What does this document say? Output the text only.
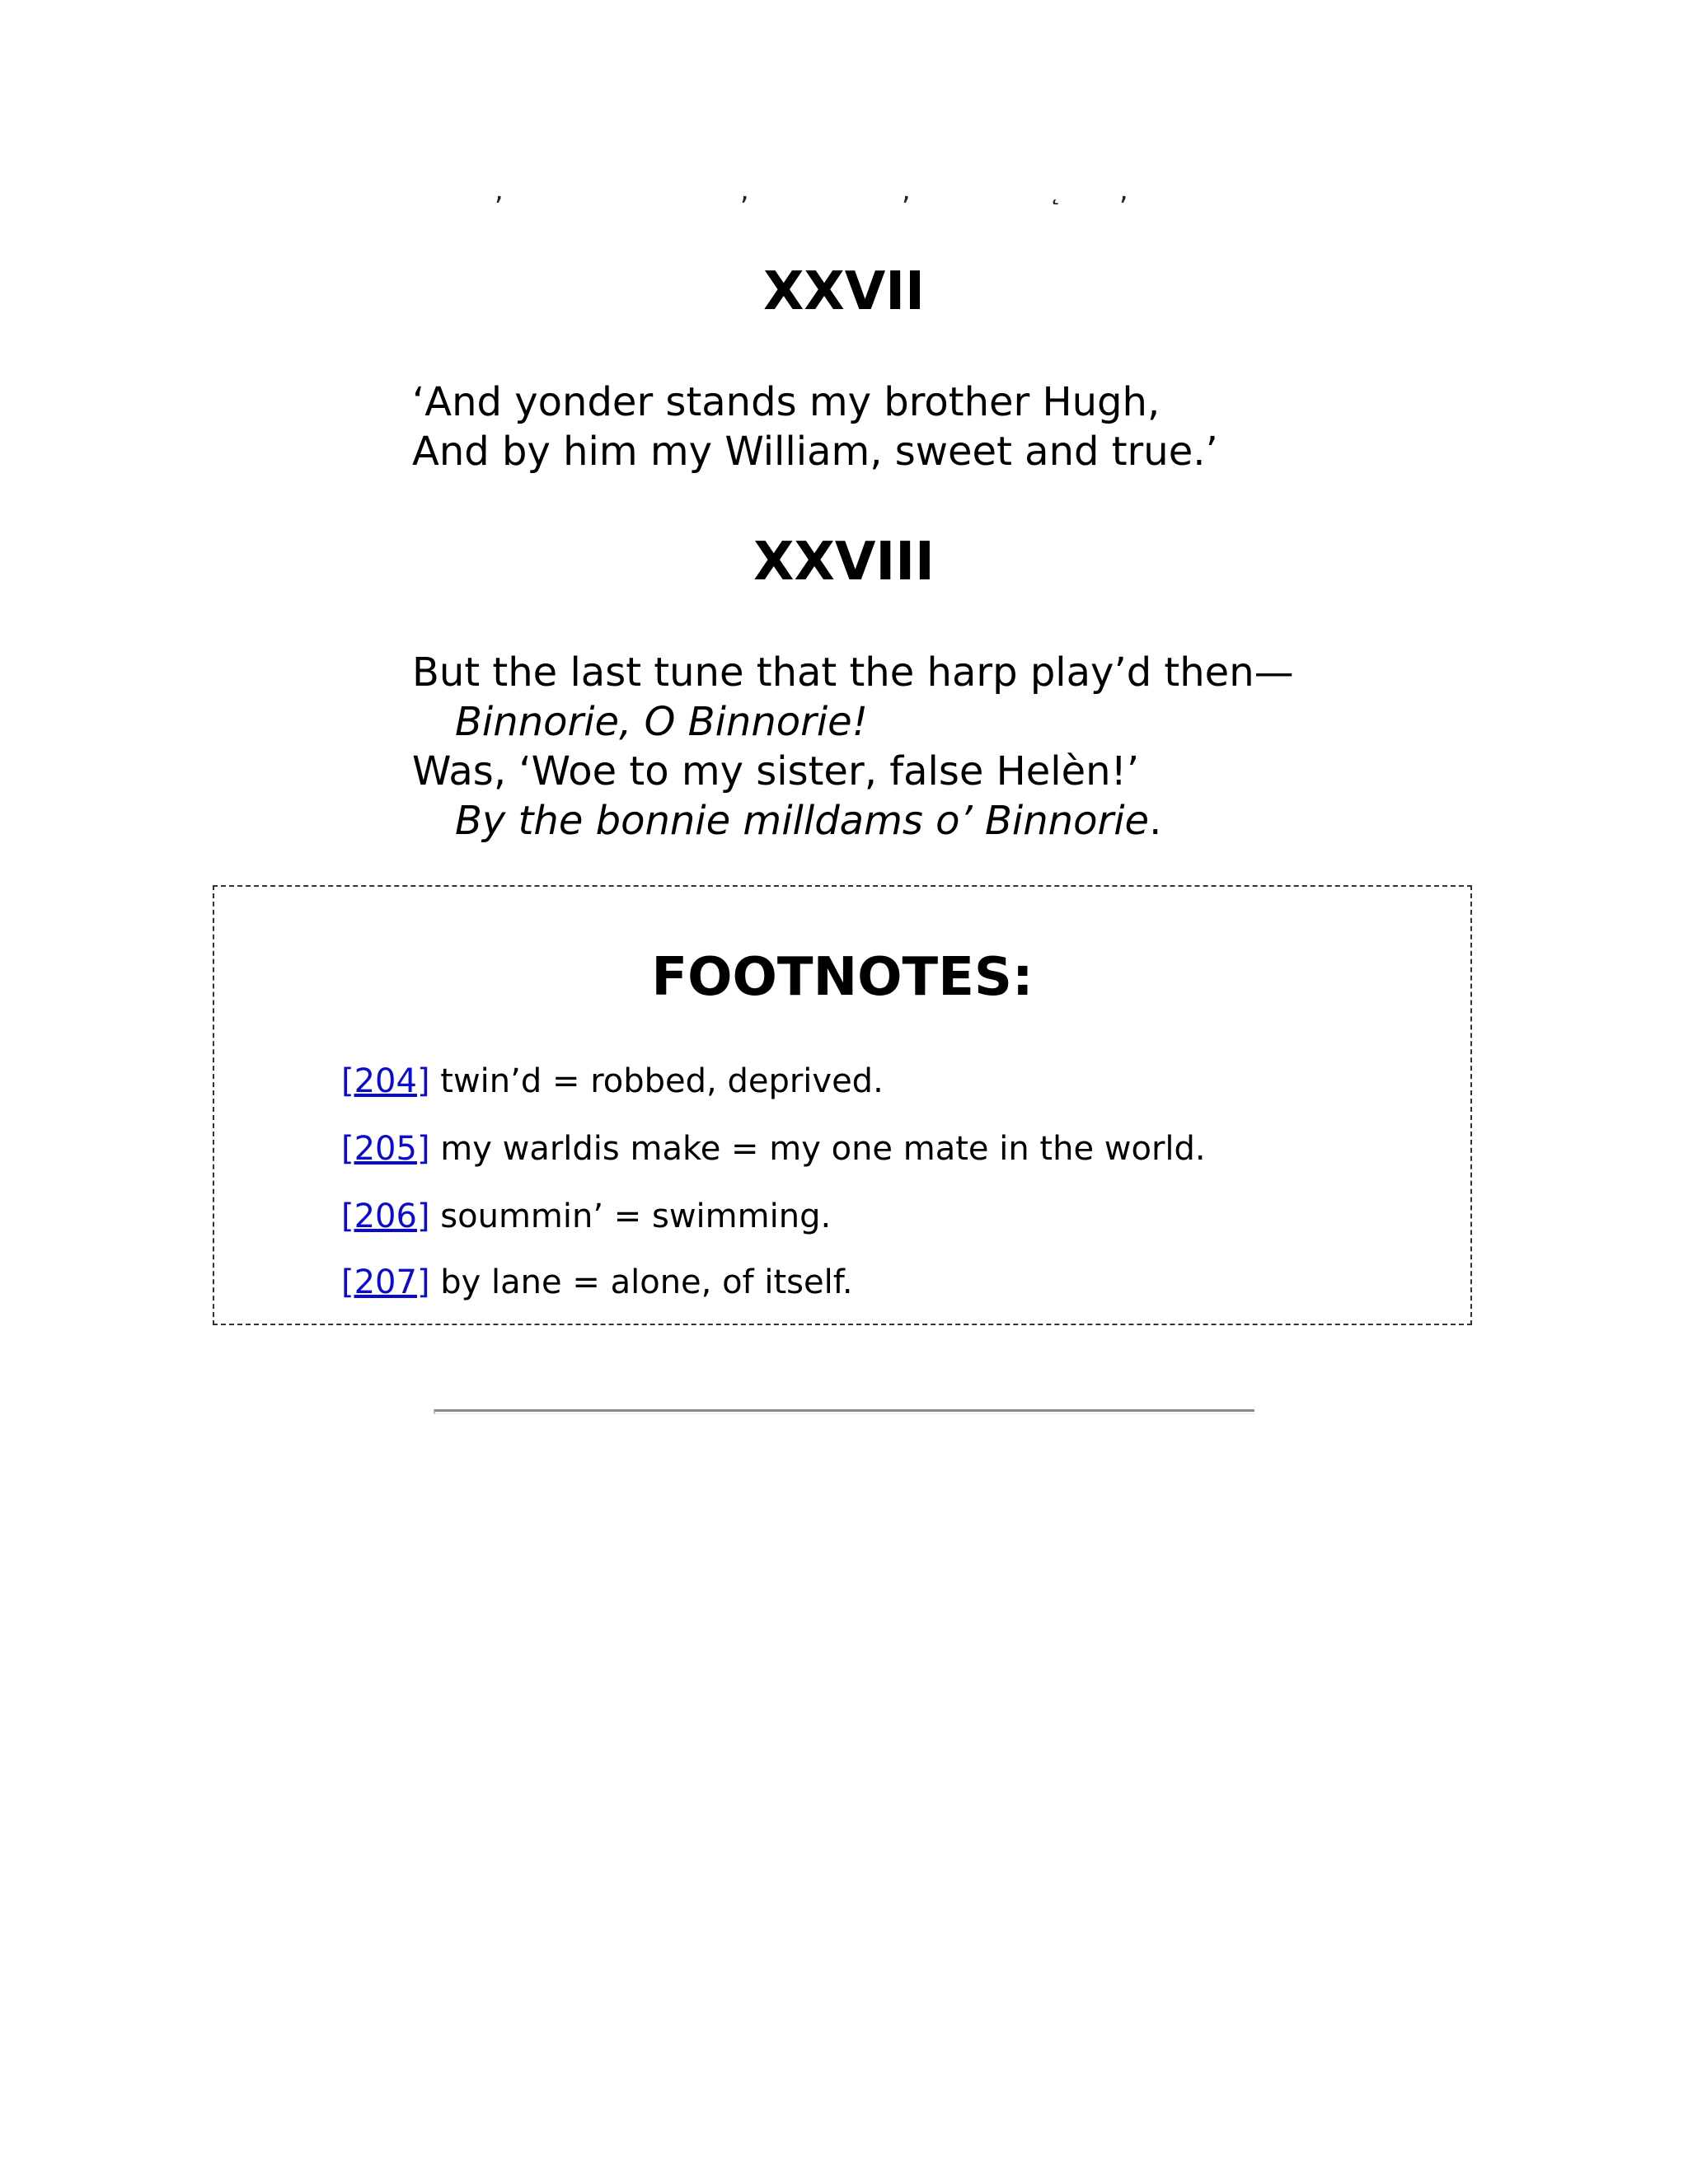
,	,	,	˛ ,
XXVII

‘And yonder stands my brother Hugh,
And by him my William, sweet and true.’

XXVIII

But the last tune that the harp play’d then—
Binnorie, O Binnorie!
Was, ‘Woe to my sister, false Helèn!’
By the bonnie milldams o’ Binnorie.

FOOTNOTES:
[204] twin’d = robbed, deprived.
[205] my warldis make = my one mate in the world.
[206] soummin’ = swimming.
[207] by lane = alone, of itself.
